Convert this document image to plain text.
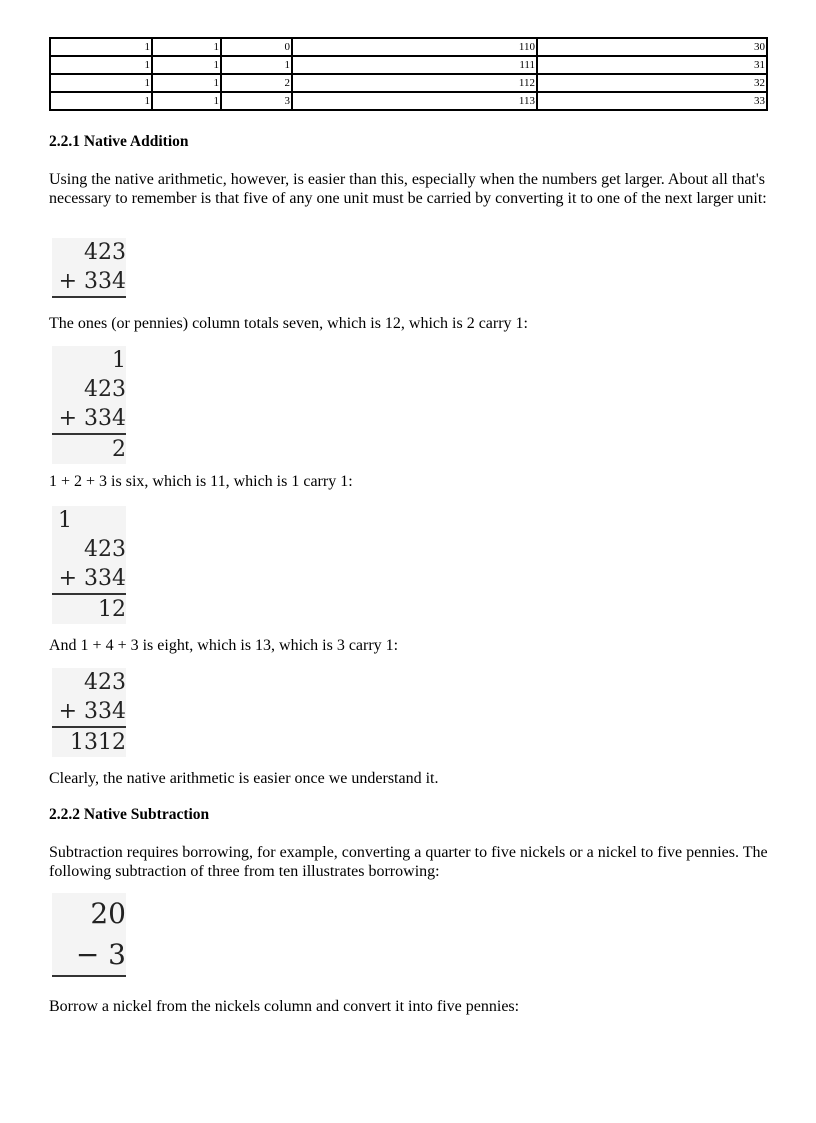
1	1	0	110	30
1	1	1	111	31
1	1	2	112	32
1	1	3	113	33
2.2.1 Native Addition

Using the native arithmetic, however, is easier than this, especially when the numbers get larger. About all that's necessary to remember is that five of any one unit must be carried by converting it to one of the next larger unit:

423
+ 334

The ones (or pennies) column totals seven, which is 12, which is 2 carry 1:

1
423
+ 334
2

1 + 2 + 3 is six, which is 11, which is 1 carry 1:

1
423
+ 334
12

And 1 + 4 + 3 is eight, which is 13, which is 3 carry 1:

423
+ 334
1312

Clearly, the native arithmetic is easier once we understand it.

2.2.2 Native Subtraction

Subtraction requires borrowing, for example, converting a quarter to five nickels or a nickel to five pennies. The following subtraction of three from ten illustrates borrowing:

20
− 3

Borrow a nickel from the nickels column and convert it into five pennies:
